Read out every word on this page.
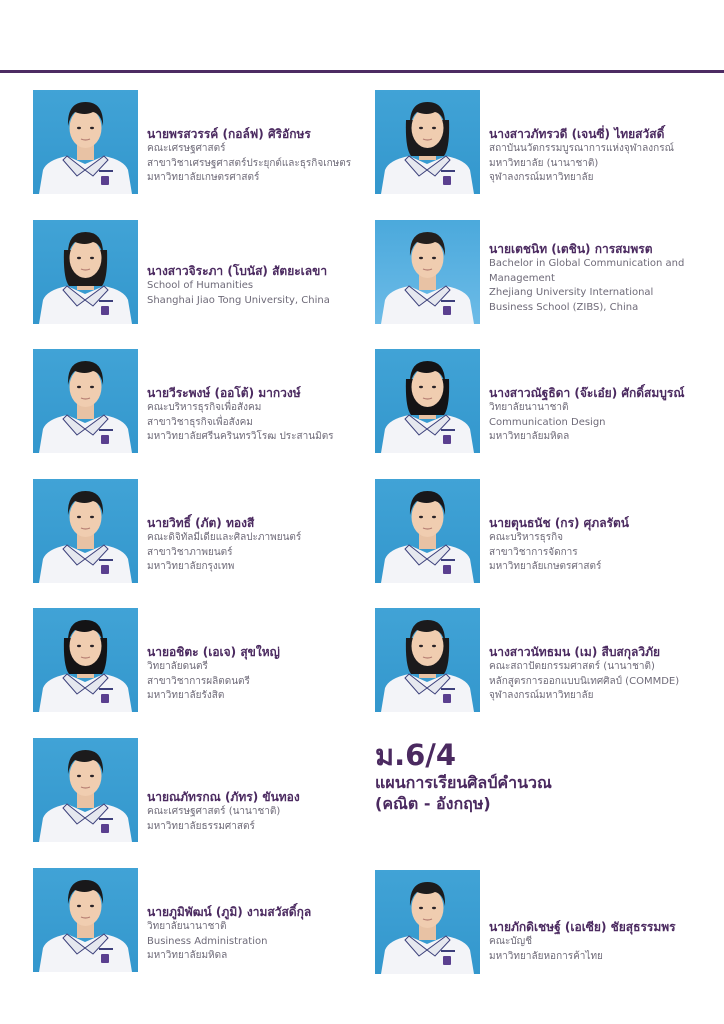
นายพรสวรรค์ (กอล์ฟ) ศิริอักษร
คณะเศรษฐศาสตร์
สาขาวิชาเศรษฐศาสตร์ประยุกต์และธุรกิจเกษตร
มหาวิทยาลัยเกษตรศาสตร์
นางสาวภัทรวดี (เจนซี่) ไทยสวัสดิ์
สถาบันนวัตกรรมบูรณาการแห่งจุฬาลงกรณ์
มหาวิทยาลัย (นานาชาติ)
จุฬาลงกรณ์มหาวิทยาลัย
นางสาวจิระภา (โบนัส) สัตยะเลขา
School of Humanities
Shanghai Jiao Tong University, China
นายเตชนิท (เตชิน) การสมพรต
Bachelor in Global Communication and
Management
Zhejiang University International
Business School (ZIBS), China
นายวีระพงษ์ (ออโต้) มากวงษ์
คณะบริหารธุรกิจเพื่อสังคม
สาขาวิชาธุรกิจเพื่อสังคม
มหาวิทยาลัยศรีนครินทรวิโรฒ ประสานมิตร
นางสาวณัฐธิดา (จ๊ะเอ๋ย) ศักดิ์สมบูรณ์
วิทยาลัยนานาชาติ
Communication Design
มหาวิทยาลัยมหิดล
นายวิทธิ์ (ภัต) ทองสี
คณะดิจิทัลมีเดียและศิลปะภาพยนตร์
สาขาวิชาภาพยนตร์
มหาวิทยาลัยกรุงเทพ
นายตุนธนัช (กร) ศุภลรัตน์
คณะบริหารธุรกิจ
สาขาวิชาการจัดการ
มหาวิทยาลัยเกษตรศาสตร์
นายอชิตะ (เอเจ) สุขใหญ่
วิทยาลัยดนตรี
สาขาวิชาการผลิตดนตรี
มหาวิทยาลัยรังสิต
นางสาวนัทธมน (เม) สืบสกุลวิภัย
คณะสถาปัตยกรรมศาสตร์ (นานาชาติ)
หลักสูตรการออกแบบนิเทศศิลป์ (COMMDE)
จุฬาลงกรณ์มหาวิทยาลัย
นายณภัทรกณ (ภัทร) ขันทอง
คณะเศรษฐศาสตร์ (นานาชาติ)
มหาวิทยาลัยธรรมศาสตร์
นายภูมิพัฒน์ (ภูมิ) งามสวัสดิ์กุล
วิทยาลัยนานาชาติ
Business Administration
มหาวิทยาลัยมหิดล
นายภักดิเชษฐ์ (เอเซีย) ชัยสุธรรมพร
คณะบัญชี
มหาวิทยาลัยหอการค้าไทย
ม.6/4
แผนการเรียนศิลป์คำนวณ
(คณิต - อังกฤษ)
